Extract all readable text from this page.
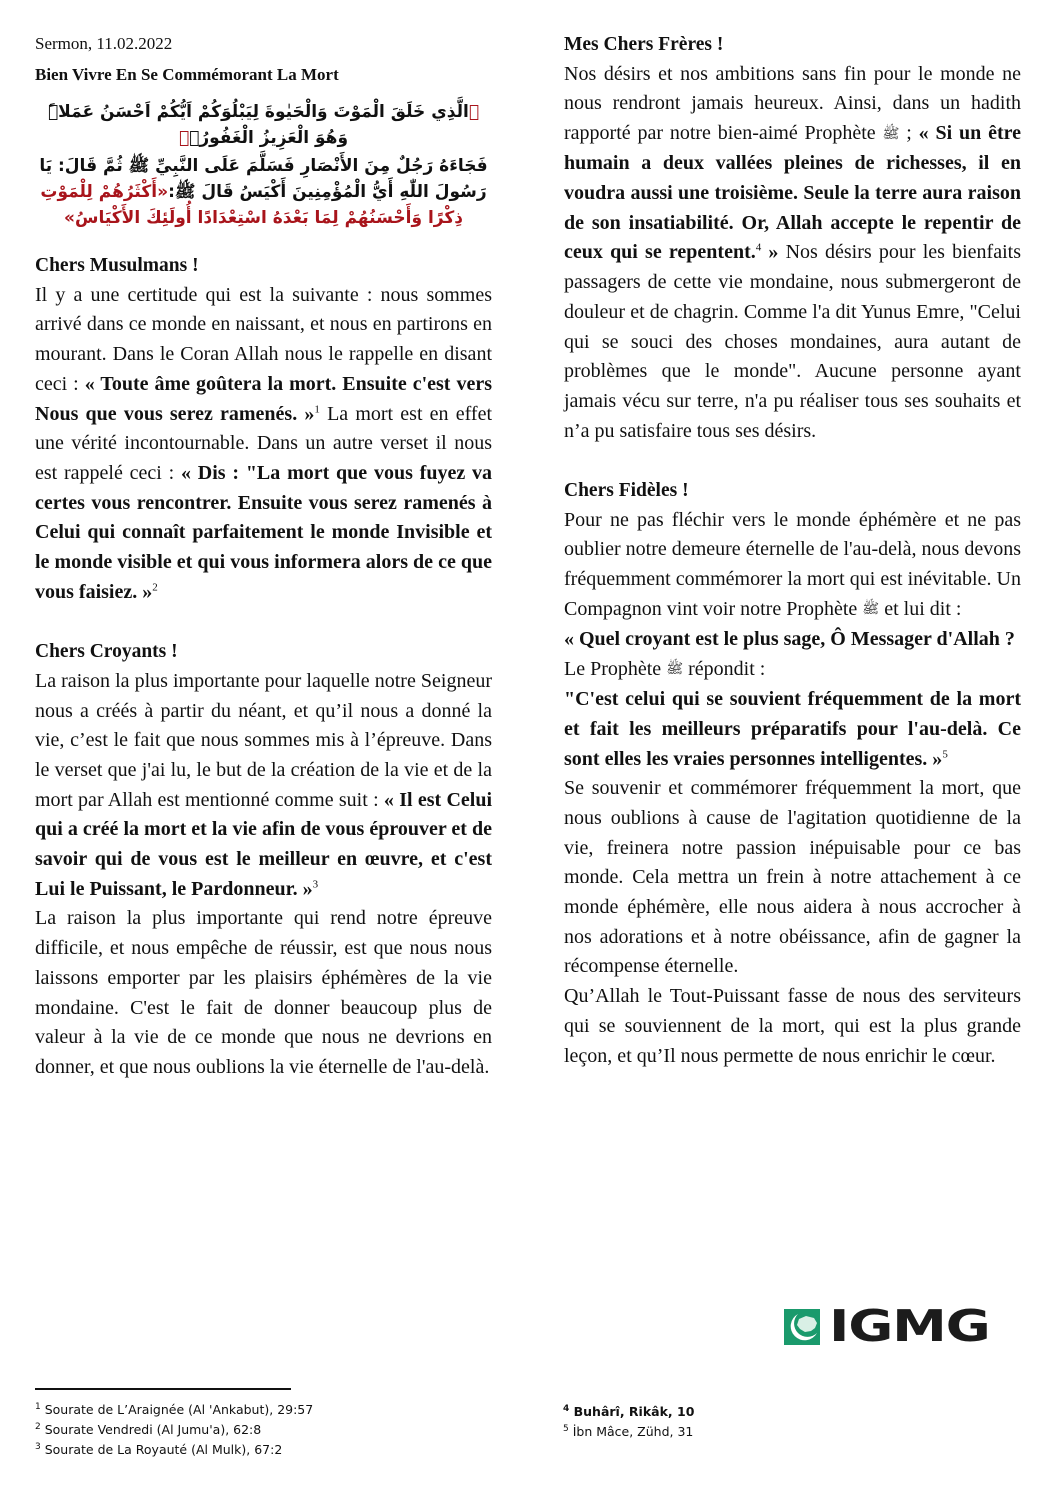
Sermon, 11.02.2022
Bien Vivre En Se Commémorant La Mort
﴿الَّذِي خَلَقَ الْمَوْتَ وَالْحَيٰوةَ لِيَبْلُوَكُمْ اَيُّكُمْ اَحْسَنُ عَمَلاًۜ وَهُوَ الْعَزِيزُ الْغَفُورُۙ﴾
فَجَاءَهُ رَجُلٌ مِنَ الأَنْصَارِ فَسَلَّمَ عَلَى النَّبِيِّ ﷺ ثُمَّ قَالَ: يَا رَسُولَ اللّٰهِ أَيُّ الْمُؤْمِنِينَ أَكْيَسُ قَالَ ﷺ:«أَكْثَرُهُمْ لِلْمَوْتِ ذِكْرًا وَأَحْسَنُهُمْ لِمَا بَعْدَهُ اسْتِعْدَادًا أُولَئِكَ الأَكْيَاسُ»
Chers Musulmans !

Il y a une certitude qui est la suivante : nous sommes arrivé dans ce monde en naissant, et nous en partirons en mourant. Dans le Coran Allah nous le rappelle en disant ceci : « Toute âme goûtera la mort. Ensuite c'est vers Nous que vous serez ramenés. »$^1$ La mort est en effet une vérité incontournable. Dans un autre verset il nous est rappelé ceci : « Dis : "La mort que vous fuyez va certes vous rencontrer. Ensuite vous serez ramenés à Celui qui connaît parfaitement le monde Invisible et le monde visible et qui vous informera alors de ce que vous faisiez. »$^2$

Chers Croyants !

La raison la plus importante pour laquelle notre Seigneur nous a créés à partir du néant, et qu’il nous a donné la vie, c’est le fait que nous sommes mis à l’épreuve. Dans le verset que j'ai lu, le but de la création de la vie et de la mort par Allah est mentionné comme suit : « Il est Celui qui a créé la mort et la vie afin de vous éprouver et de savoir qui de vous est le meilleur en œuvre, et c'est Lui le Puissant, le Pardonneur. »$^3$

La raison la plus importante qui rend notre épreuve difficile, et nous empêche de réussir, est que nous nous laissons emporter par les plaisirs éphémères de la vie mondaine. C'est le fait de donner beaucoup plus de valeur à la vie de ce monde que nous ne devrions en donner, et que nous oublions la vie éternelle de l'au-delà.

Mes Chers Frères !

Nos désirs et nos ambitions sans fin pour le monde ne nous rendront jamais heureux. Ainsi, dans un hadith rapporté par notre bien-aimé Prophète ﷺ ; « Si un être humain a deux vallées pleines de richesses, il en voudra aussi une troisième. Seule la terre aura raison de son insatiabilité. Or, Allah accepte le repentir de ceux qui se repentent.$^4$ » Nos désirs pour les bienfaits passagers de cette vie mondaine, nous submergeront de douleur et de chagrin. Comme l'a dit Yunus Emre, "Celui qui se souci des choses mondaines, aura autant de problèmes que le monde". Aucune personne ayant jamais vécu sur terre, n'a pu réaliser tous ses souhaits et n’a pu satisfaire tous ses désirs.

Chers Fidèles !

Pour ne pas fléchir vers le monde éphémère et ne pas oublier notre demeure éternelle de l'au-delà, nous devons fréquemment commémorer la mort qui est inévitable. Un Compagnon vint voir notre Prophète ﷺ et lui dit :

« Quel croyant est le plus sage, Ô Messager d'Allah ?

Le Prophète ﷺ répondit :

"C'est celui qui se souvient fréquemment de la mort et fait les meilleurs préparatifs pour l'au-delà. Ce sont elles les vraies personnes intelligentes. »$^5$

Se souvenir et commémorer fréquemment la mort, que nous oublions à cause de l'agitation quotidienne de la vie, freinera notre passion inépuisable pour ce bas monde. Cela mettra un frein à notre attachement à ce monde éphémère, elle nous aidera à nous accrocher à nos adorations et à notre obéissance, afin de gagner la récompense éternelle.

Qu’Allah le Tout-Puissant fasse de nous des serviteurs qui se souviennent de la mort, qui est la plus grande leçon, et qu’Il nous permette de nous enrichir le cœur.

IGMG
$^1$ Sourate de L’Araignée (Al 'Ankabut), 29:57
$^2$ Sourate Vendredi (Al Jumu'a), 62:8
$^3$ Sourate de La Royauté (Al Mulk), 67:2
$^4$ Buhârî, Rikâk, 10
$^5$ İbn Mâce, Zühd, 31
